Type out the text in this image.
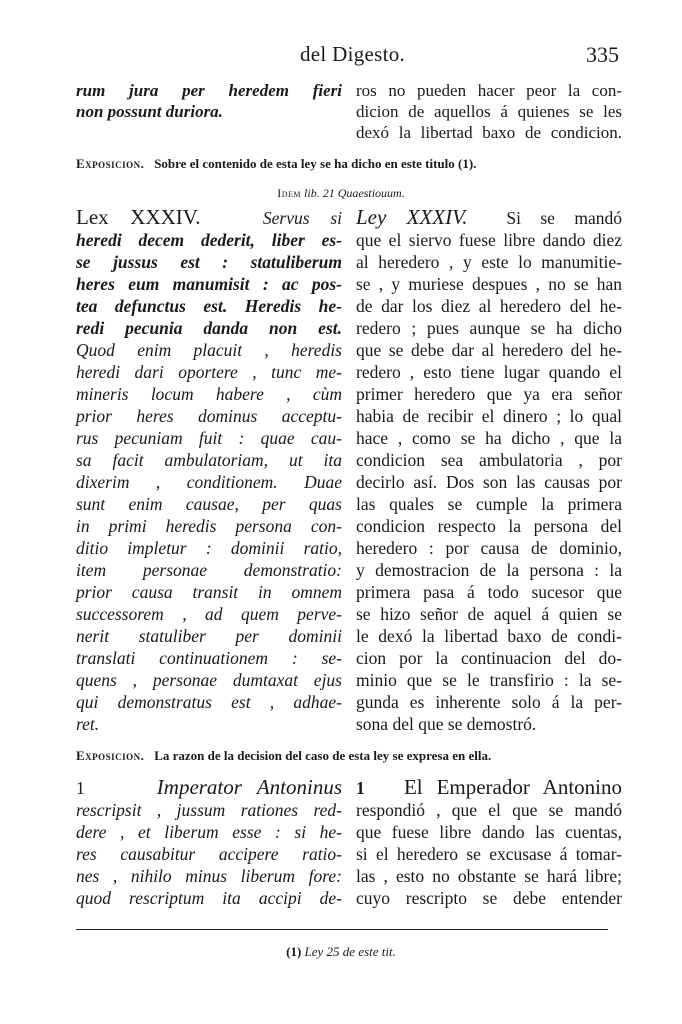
del Digesto.	335
rum jura per heredem fieri
non possunt duriora.
ros no pueden hacer peor la con-
dicion de aquellos á quienes se les
dexó la libertad baxo de condicion.
Exposicion. Sobre el contenido de esta ley se ha dicho en este titulo (1).
Idem lib. 21 Quaestiouum.
Lex XXXIV.	Servus si
heredi decem dederit, liber es-
se jussus est : statuliberum
heres eum manumisit : ac pos-
tea defunctus est. Heredis he-
redi pecunia danda non est.
Quod enim placuit , heredis
heredi dari oportere , tunc me-
mineris locum habere , cùm
prior heres dominus acceptu-
rus pecuniam fuit : quae cau-
sa facit ambulatoriam, ut ita
dixerim , conditionem. Duae
sunt enim causae, per quas
in primi heredis persona con-
ditio impletur : dominii ratio,
item personae demonstratio:
prior causa transit in omnem
successorem , ad quem perve-
nerit statuliber per dominii
translati continuationem : se-
quens , personae dumtaxat ejus
qui demonstratus est , adhae-
ret.
Ley XXXIV. Si se mandó
que el siervo fuese libre dando diez
al heredero , y este lo manumitie-
se , y muriese despues , no se han
de dar los diez al heredero del he-
redero ; pues aunque se ha dicho
que se debe dar al heredero del he-
redero , esto tiene lugar quando el
primer heredero que ya era señor
habia de recibir el dinero ; lo qual
hace , como se ha dicho , que la
condicion sea ambulatoria , por
decirlo así. Dos son las causas por
las quales se cumple la primera
condicion respecto la persona del
heredero : por causa de dominio,
y demostracion de la persona : la
primera pasa á todo sucesor que
se hizo señor de aquel á quien se
le dexó la libertad baxo de condi-
cion por la continuacion del do-
minio que se le transfirio : la se-
gunda es inherente solo á la per-
sona del que se demostró.
Exposicion. La razon de la decision del caso de esta ley se expresa en ella.
1	Imperator Antoninus
rescripsit , jussum rationes red-
dere , et liberum esse : si he-
res causabitur accipere ratio-
nes , nihilo minus liberum fore:
quod rescriptum ita accipi de-
1 El Emperador Antonino
respondió , que el que se mandó
que fuese libre dando las cuentas,
si el heredero se excusase á tomar-
las , esto no obstante se hará libre;
cuyo rescripto se debe entender
(1) Ley 25 de este tit.
